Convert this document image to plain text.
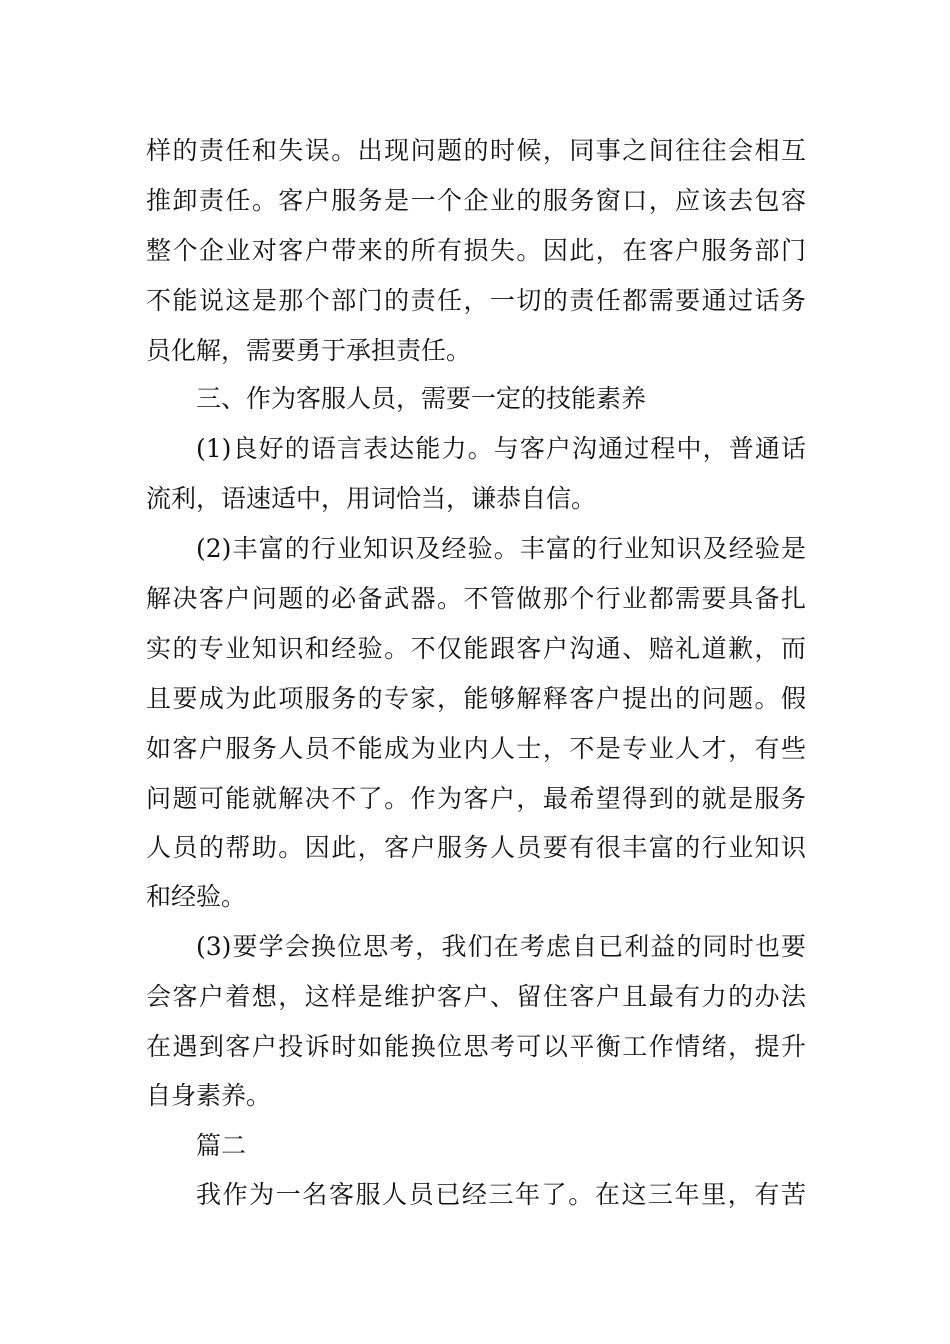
样的责任和失误。出现问题的时候，同事之间往往会相互
推卸责任。客户服务是一个企业的服务窗口，应该去包容
整个企业对客户带来的所有损失。因此，在客户服务部门
不能说这是那个部门的责任，一切的责任都需要通过话务
员化解，需要勇于承担责任。
三、作为客服人员，需要一定的技能素养
(1)良好的语言表达能力。与客户沟通过程中，普通话
流利，语速适中，用词恰当，谦恭自信。
(2)丰富的行业知识及经验。丰富的行业知识及经验是
解决客户问题的必备武器。不管做那个行业都需要具备扎
实的专业知识和经验。不仅能跟客户沟通、赔礼道歉，而
且要成为此项服务的专家，能够解释客户提出的问题。假
如客户服务人员不能成为业内人士，不是专业人才，有些
问题可能就解决不了。作为客户，最希望得到的就是服务
人员的帮助。因此，客户服务人员要有很丰富的行业知识
和经验。
(3)要学会换位思考，我们在考虑自已利益的同时也要
会客户着想，这样是维护客户、留住客户且最有力的办法
在遇到客户投诉时如能换位思考可以平衡工作情绪，提升
自身素养。
篇二
我作为一名客服人员已经三年了。在这三年里，有苦
